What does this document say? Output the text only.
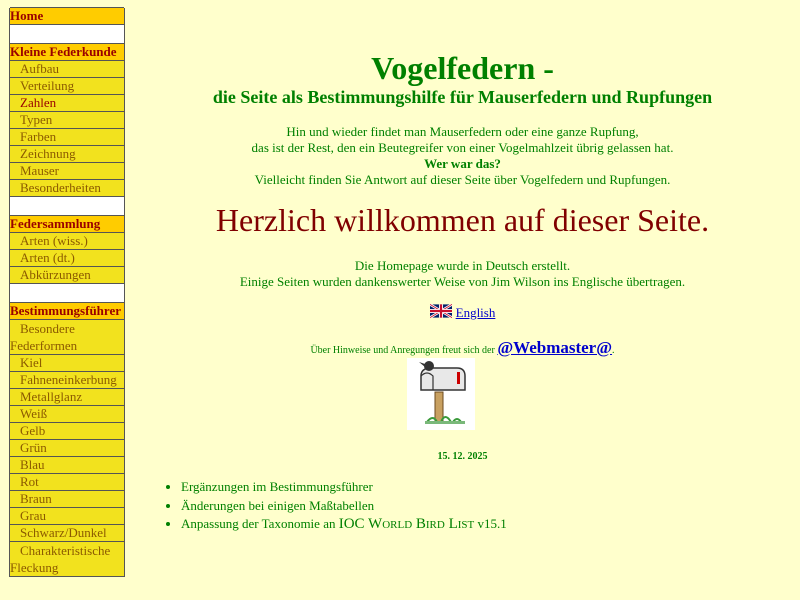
Home
Kleine Federkunde
Aufbau
Verteilung
Zahlen
Typen
Farben
Zeichnung
Mauser
Besonderheiten
Federsammlung
Arten (wiss.)
Arten (dt.)
Abkürzungen
Bestimmungsführer
Besondere Federformen
Kiel
Fahneneinkerbung
Metallglanz
Weiß
Gelb
Grün
Blau
Rot
Braun
Grau
Schwarz/Dunkel
Charakteristische Fleckung
Vogelfedern -
die Seite als Bestimmungshilfe für Mauserfedern und Rupfungen
Hin und wieder findet man Mauserfedern oder eine ganze Rupfung,
das ist der Rest, den ein Beutegreifer von einer Vogelmahlzeit übrig gelassen hat.
Wer war das?
Vielleicht finden Sie Antwort auf dieser Seite über Vogelfedern und Rupfungen.
Herzlich willkommen auf dieser Seite.
Die Homepage wurde in Deutsch erstellt.
Einige Seiten wurden dankenswerter Weise von Jim Wilson ins Englische übertragen.
English
Über Hinweise und Anregungen freut sich der @Webmaster@.
15. 12. 2025
• Ergänzungen im Bestimmungsführer
• Änderungen bei einigen Maßtabellen
• Anpassung der Taxonomie an IOC World Bird List v15.1
